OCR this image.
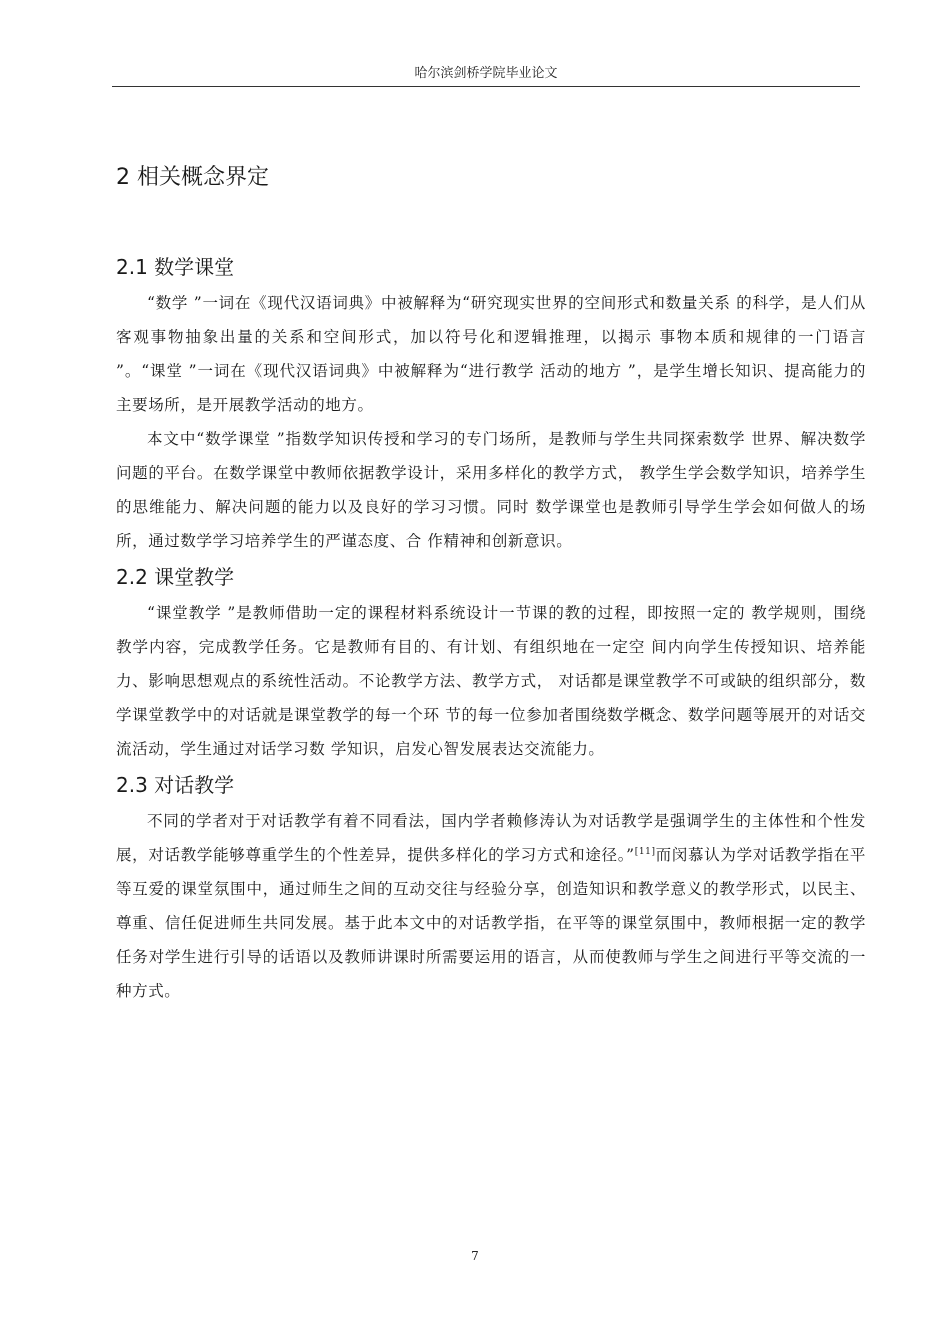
哈尔滨剑桥学院毕业论文
2 相关概念界定
2.1 数学课堂

“数学 ”一词在《现代汉语词典》中被解释为“研究现实世界的空间形式和数量关系 的科学，是人们从客观事物抽象出量的关系和空间形式，加以符号化和逻辑推理，以揭示 事物本质和规律的一门语言 ”。“课堂 ”一词在《现代汉语词典》中被解释为“进行教学 活动的地方 ”，是学生增长知识、提高能力的主要场所，是开展教学活动的地方。

本文中“数学课堂 ”指数学知识传授和学习的专门场所，是教师与学生共同探索数学 世界、解决数学问题的平台。在数学课堂中教师依据教学设计，采用多样化的教学方式， 教学生学会数学知识，培养学生的思维能力、解决问题的能力以及良好的学习习惯。同时 数学课堂也是教师引导学生学会如何做人的场所，通过数学学习培养学生的严谨态度、合 作精神和创新意识。

2.2 课堂教学

“课堂教学 ”是教师借助一定的课程材料系统设计一节课的教的过程，即按照一定的 教学规则，围绕教学内容，完成教学任务。它是教师有目的、有计划、有组织地在一定空 间内向学生传授知识、培养能力、影响思想观点的系统性活动。不论教学方法、教学方式， 对话都是课堂教学不可或缺的组织部分，数学课堂教学中的对话就是课堂教学的每一个环 节的每一位参加者围绕数学概念、数学问题等展开的对话交流活动，学生通过对话学习数 学知识，启发心智发展表达交流能力。

2.3 对话教学

不同的学者对于对话教学有着不同看法，国内学者赖修涛认为对话教学是强调学生的主体性和个性发展，对话教学能够尊重学生的个性差异，提供多样化的学习方式和途径。”[11]而闵慕认为学对话教学指在平等互爱的课堂氛围中，通过师生之间的互动交往与经验分享，创造知识和教学意义的教学形式，以民主、尊重、信任促进师生共同发展。基于此本文中的对话教学指，在平等的课堂氛围中，教师根据一定的教学任务对学生进行引导的话语以及教师讲课时所需要运用的语言，从而使教师与学生之间进行平等交流的一种方式。

7
